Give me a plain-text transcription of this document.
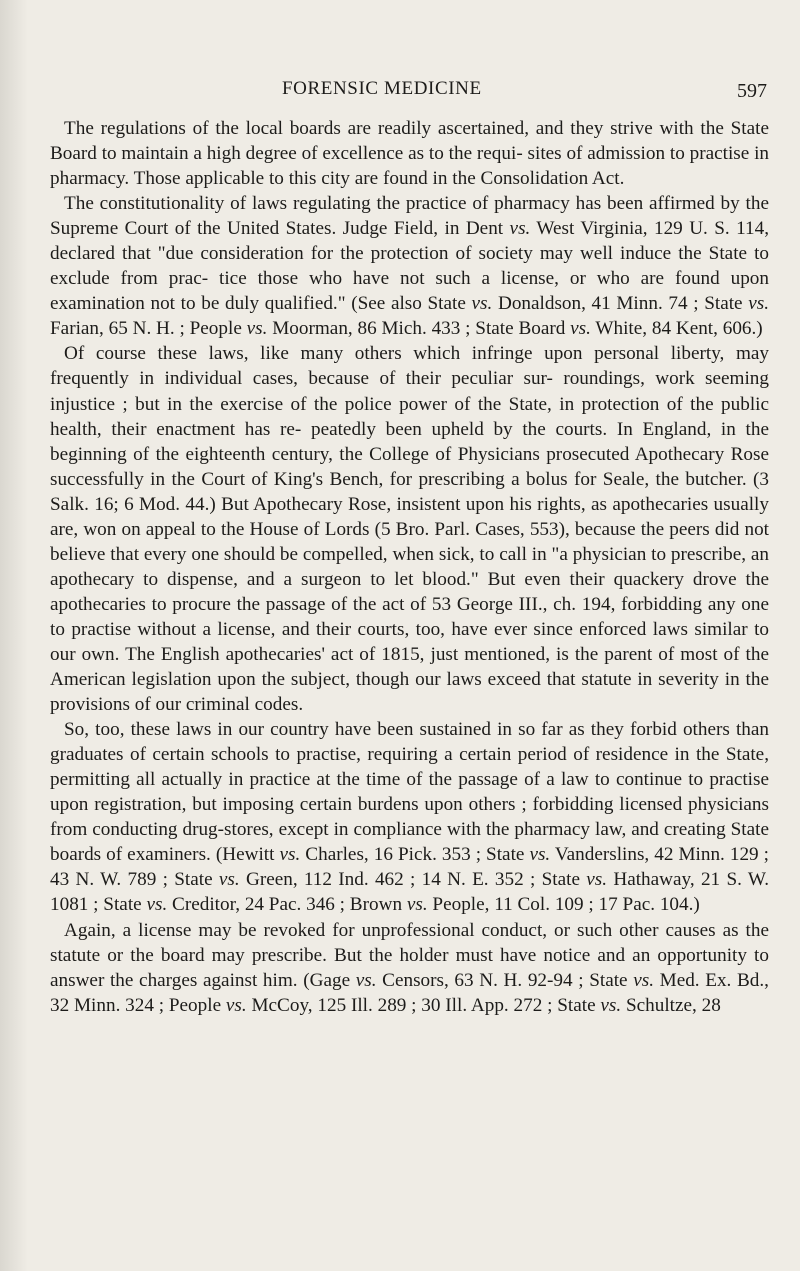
FORENSIC MEDICINE	597

The regulations of the local boards are readily ascertained, and they strive with the State Board to maintain a high degree of excellence as to the requi- sites of admission to practise in pharmacy. Those applicable to this city are found in the Consolidation Act.

The constitutionality of laws regulating the practice of pharmacy has been affirmed by the Supreme Court of the United States. Judge Field, in Dent vs. West Virginia, 129 U. S. 114, declared that "due consideration for the protection of society may well induce the State to exclude from prac- tice those who have not such a license, or who are found upon examination not to be duly qualified." (See also State vs. Donaldson, 41 Minn. 74 ; State vs. Farian, 65 N. H. ; People vs. Moorman, 86 Mich. 433 ; State Board vs. White, 84 Kent, 606.)

Of course these laws, like many others which infringe upon personal liberty, may frequently in individual cases, because of their peculiar sur- roundings, work seeming injustice ; but in the exercise of the police power of the State, in protection of the public health, their enactment has re- peatedly been upheld by the courts. In England, in the beginning of the eighteenth century, the College of Physicians prosecuted Apothecary Rose successfully in the Court of King's Bench, for prescribing a bolus for Seale, the butcher. (3 Salk. 16; 6 Mod. 44.) But Apothecary Rose, insistent upon his rights, as apothecaries usually are, won on appeal to the House of Lords (5 Bro. Parl. Cases, 553), because the peers did not believe that every one should be compelled, when sick, to call in "a physician to prescribe, an apothecary to dispense, and a surgeon to let blood." But even their quackery drove the apothecaries to procure the passage of the act of 53 George III., ch. 194, forbidding any one to practise without a license, and their courts, too, have ever since enforced laws similar to our own. The English apothecaries' act of 1815, just mentioned, is the parent of most of the American legislation upon the subject, though our laws exceed that statute in severity in the provisions of our criminal codes.

So, too, these laws in our country have been sustained in so far as they forbid others than graduates of certain schools to practise, requiring a certain period of residence in the State, permitting all actually in practice at the time of the passage of a law to continue to practise upon registration, but imposing certain burdens upon others ; forbidding licensed physicians from conducting drug-stores, except in compliance with the pharmacy law, and creating State boards of examiners. (Hewitt vs. Charles, 16 Pick. 353 ; State vs. Vanderslins, 42 Minn. 129 ; 43 N. W. 789 ; State vs. Green, 112 Ind. 462 ; 14 N. E. 352 ; State vs. Hathaway, 21 S. W. 1081 ; State vs. Creditor, 24 Pac. 346 ; Brown vs. People, 11 Col. 109 ; 17 Pac. 104.)

Again, a license may be revoked for unprofessional conduct, or such other causes as the statute or the board may prescribe. But the holder must have notice and an opportunity to answer the charges against him. (Gage vs. Censors, 63 N. H. 92-94 ; State vs. Med. Ex. Bd., 32 Minn. 324 ; People vs. McCoy, 125 Ill. 289 ; 30 Ill. App. 272 ; State vs. Schultze, 28
